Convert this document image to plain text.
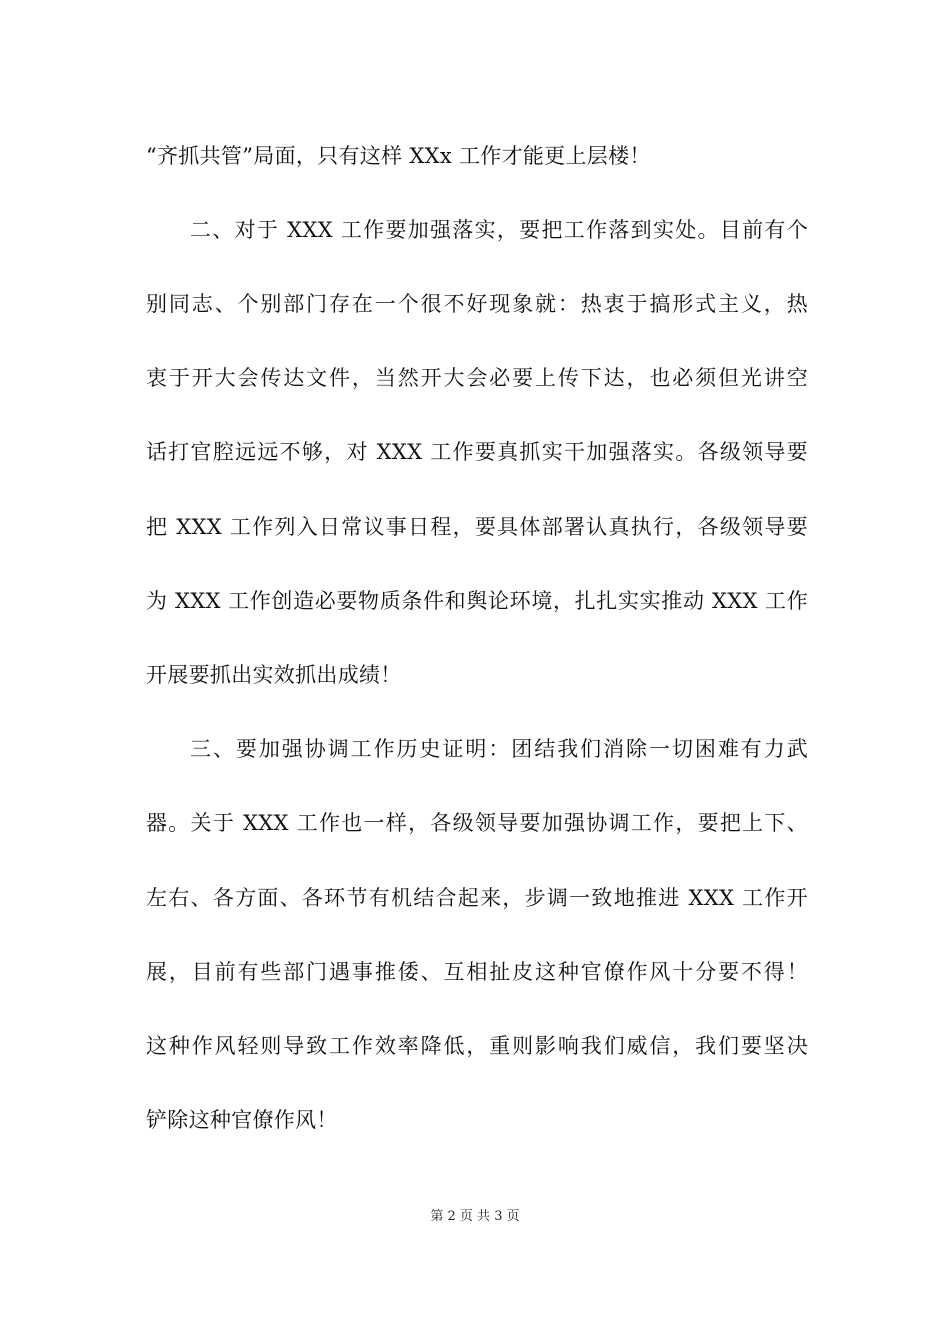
“齐抓共管”局面，只有这样 XXx 工作才能更上层楼！
二、对于 XXX 工作要加强落实，要把工作落到实处。目前有个
别同志、个别部门存在一个很不好现象就：热衷于搞形式主义，热
衷于开大会传达文件，当然开大会必要上传下达，也必须但光讲空
话打官腔远远不够，对 XXX 工作要真抓实干加强落实。各级领导要
把 XXX 工作列入日常议事日程，要具体部署认真执行，各级领导要
为 XXX 工作创造必要物质条件和舆论环境，扎扎实实推动 XXX 工作
开展要抓出实效抓出成绩！
三、要加强协调工作历史证明：团结我们消除一切困难有力武
器。关于 XXX 工作也一样，各级领导要加强协调工作，要把上下、
左右、各方面、各环节有机结合起来，步调一致地推进 XXX 工作开
展，目前有些部门遇事推倭、互相扯皮这种官僚作风十分要不得！
这种作风轻则导致工作效率降低，重则影响我们威信，我们要坚决
铲除这种官僚作风！
第 2 页 共 3 页
